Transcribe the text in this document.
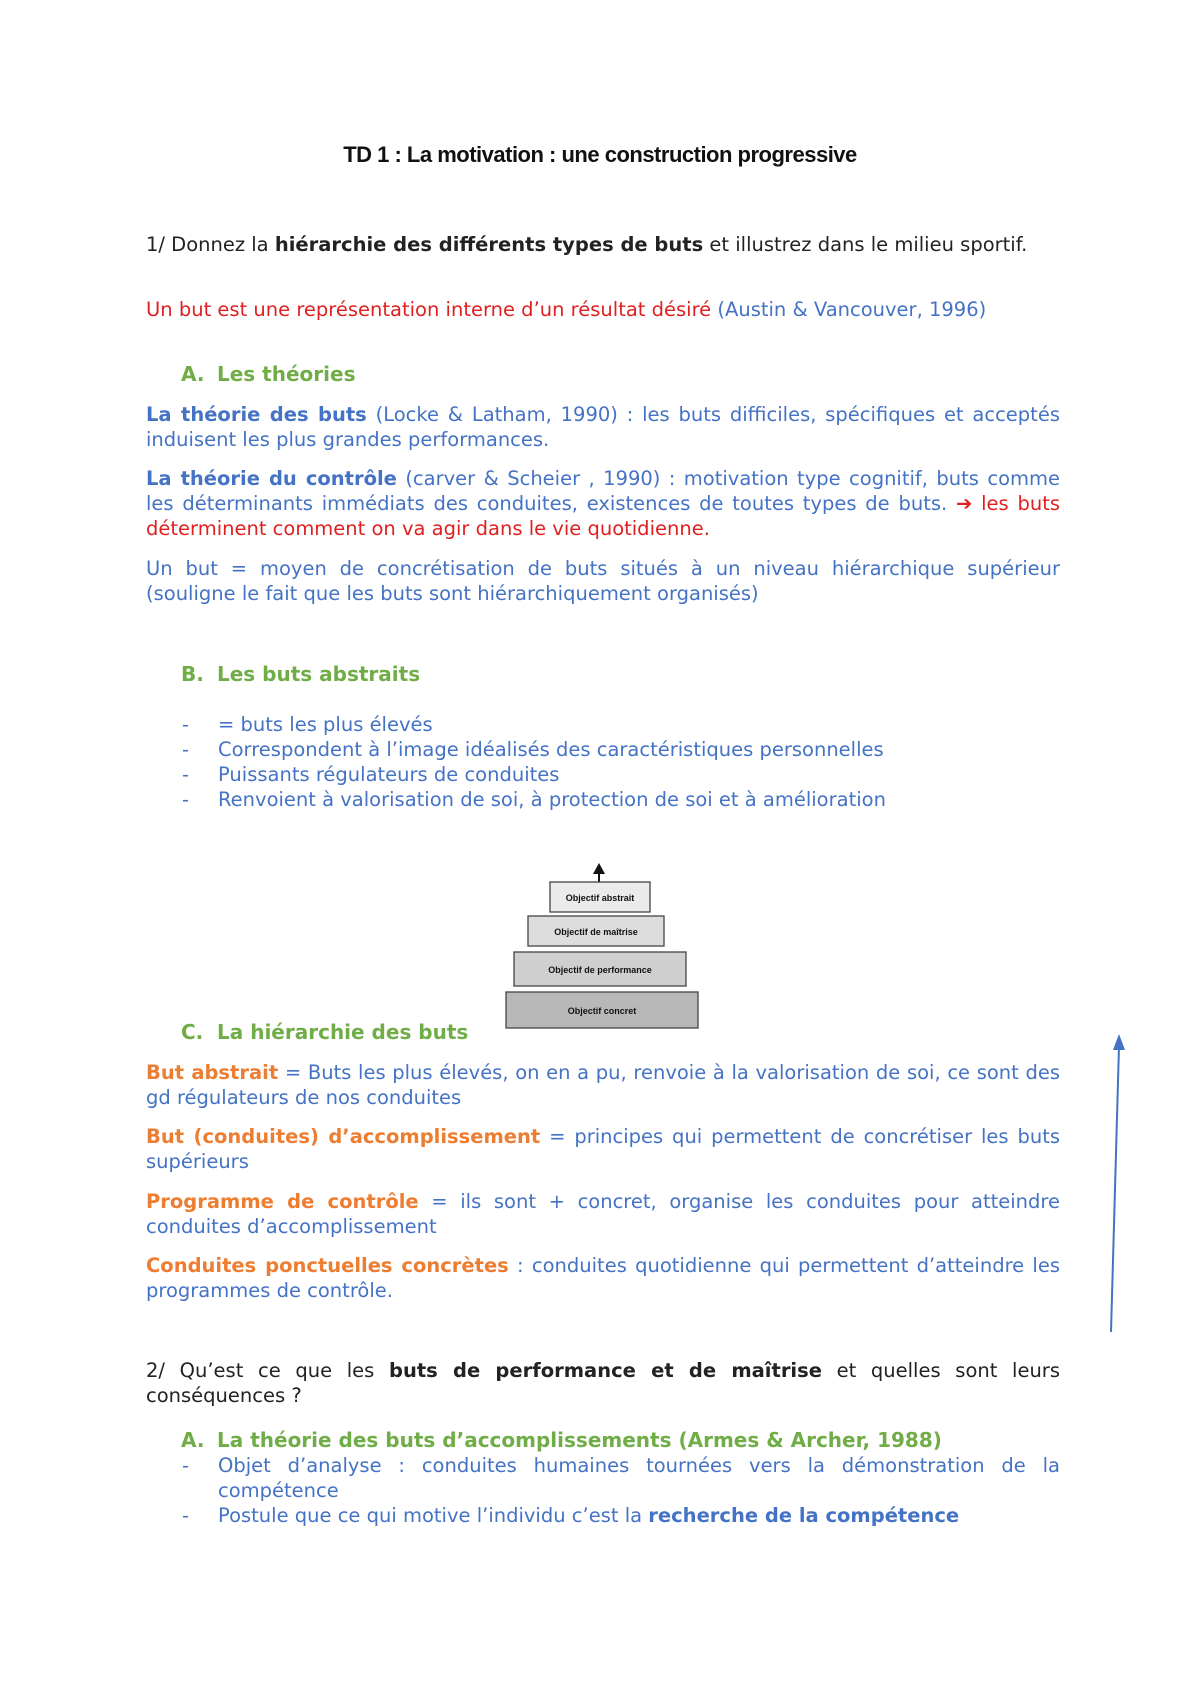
TD 1 : La motivation : une construction progressive
1/ Donnez la hiérarchie des différents types de buts et illustrez dans le milieu sportif.
Un but est une représentation interne d’un résultat désiré (Austin & Vancouver, 1996)
A. Les théories
La théorie des buts (Locke & Latham, 1990) : les buts difficiles, spécifiques et acceptés induisent les plus grandes performances.
La théorie du contrôle (carver & Scheier , 1990) : motivation type cognitif, buts comme les déterminants immédiats des conduites, existences de toutes types de buts. ➔ les buts déterminent comment on va agir dans le vie quotidienne.
Un but = moyen de concrétisation de buts situés à un niveau hiérarchique supérieur (souligne le fait que les buts sont hiérarchiquement organisés)
B. Les buts abstraits
- = buts les plus élevés
- Correspondent à l’image idéalisés des caractéristiques personnelles
- Puissants régulateurs de conduites
- Renvoient à valorisation de soi, à protection de soi et à amélioration
Objectif abstrait
Objectif de maîtrise
Objectif de performance
Objectif concret
C. La hiérarchie des buts
But abstrait = Buts les plus élevés, on en a pu, renvoie à la valorisation de soi, ce sont des gd régulateurs de nos conduites
But (conduites) d’accomplissement = principes qui permettent de concrétiser les buts supérieurs
Programme de contrôle = ils sont + concret, organise les conduites pour atteindre conduites d’accomplissement
Conduites ponctuelles concrètes : conduites quotidienne qui permettent d’atteindre les programmes de contrôle.
2/ Qu’est ce que les buts de performance et de maîtrise et quelles sont leurs conséquences ?
A. La théorie des buts d’accomplissements (Armes & Archer, 1988)
- Objet d’analyse : conduites humaines tournées vers la démonstration de la compétence
- Postule que ce qui motive l’individu c’est la recherche de la compétence
